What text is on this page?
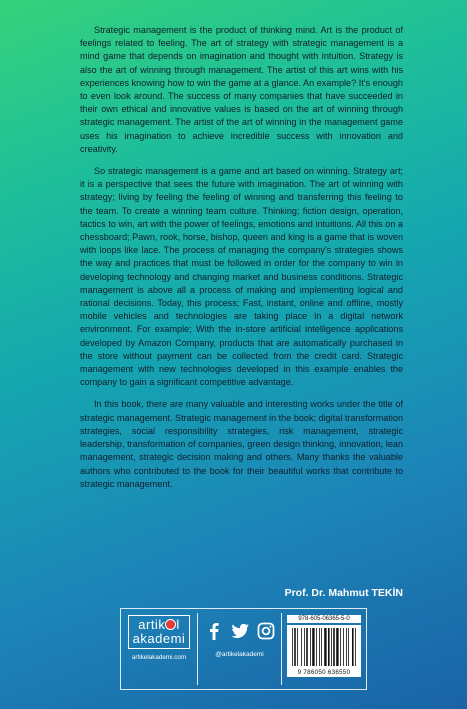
Strategic management is the product of thinking mind. Art is the product of feelings related to feeling. The art of strategy with strategic management is a mind game that depends on imagination and thought with intuition. Strategy is also the art of winning through management. The artist of this art wins with his experiences knowing how to win the game at a glance. An example? It's enough to even look around. The success of many companies that have succeeded in their own ethical and innovative values is based on the art of winning through strategic management. The artist of the art of winning in the management game uses his imagination to achieve incredible success with innovation and creativity.

So strategic management is a game and art based on winning. Strategy art; it is a perspective that sees the future with imagination. The art of winning with strategy; living by feeling the feeling of winning and transferring this feeling to the team. To create a winning team culture. Thinking; fiction design, operation, tactics to win, art with the power of feelings, emotions and intuitions. All this on a chessboard; Pawn, rook, horse, bishop, queen and king is a game that is woven with loops like lace. The process of managing the company's strategies shows the way and practices that must be followed in order for the company to win in developing technology and changing market and business conditions. Strategic management is above all a process of making and implementing logical and rational decisions. Today, this process; Fast, instant, online and offline, mostly mobile vehicles and technologies are taking place in a digital network environment. For example; With the in-store artificial intelligence applications developed by Amazon Company, products that are automatically purchased in the store without payment can be collected from the credit card. Strategic management with new technologies developed in this example enables the company to gain a significant competitive advantage.

In this book, there are many valuable and interesting works under the title of strategic management. Strategic management in the book; digital transformation strategies, social responsibility strategies, risk management, strategic leadership, transformation of companies, green design thinking, innovation, lean management, strategic decision making and others. Many thanks the valuable authors who contributed to the book for their beautiful works that contribute to strategic management.

Prof. Dr. Mahmut TEKİN
artik l
akademi
artikelakademi.com	@artikelakademi
978-605-06365-5-0
9 786050 636550
